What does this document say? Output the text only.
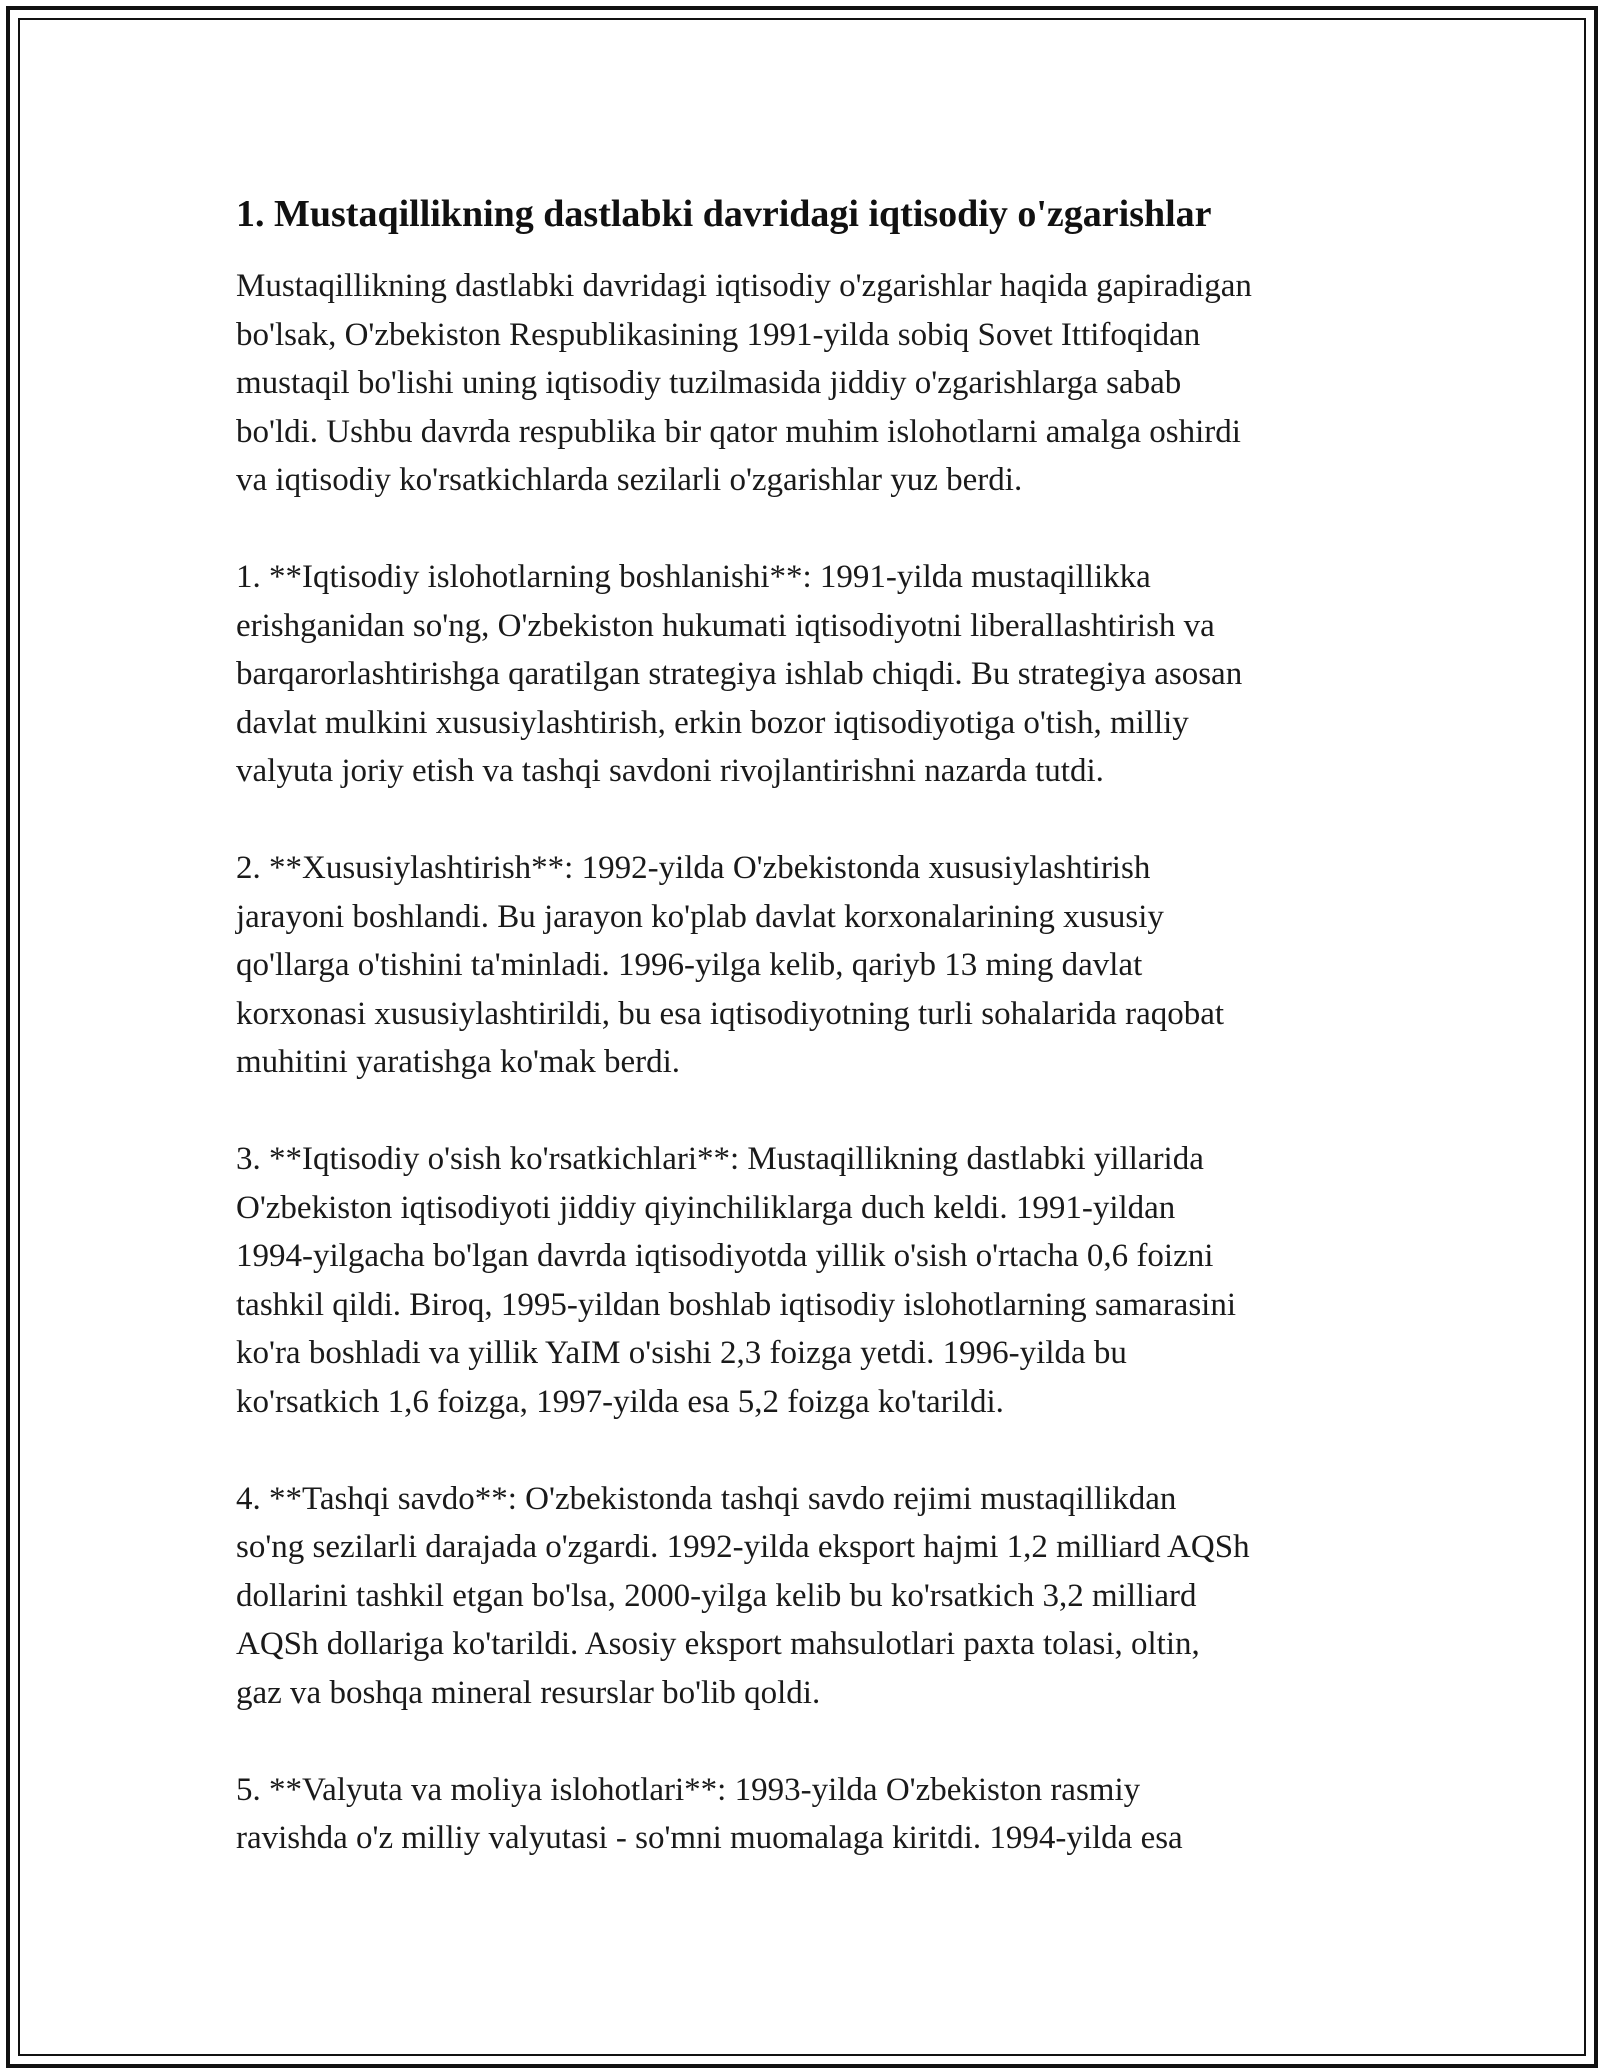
1. Mustaqillikning dastlabki davridagi iqtisodiy o'zgarishlar

Mustaqillikning dastlabki davridagi iqtisodiy o'zgarishlar haqida gapiradigan
bo'lsak, O'zbekiston Respublikasining 1991-yilda sobiq Sovet Ittifoqidan
mustaqil bo'lishi uning iqtisodiy tuzilmasida jiddiy o'zgarishlarga sabab
bo'ldi. Ushbu davrda respublika bir qator muhim islohotlarni amalga oshirdi
va iqtisodiy ko'rsatkichlarda sezilarli o'zgarishlar yuz berdi.

1. **Iqtisodiy islohotlarning boshlanishi**: 1991-yilda mustaqillikka
erishganidan so'ng, O'zbekiston hukumati iqtisodiyotni liberallashtirish va
barqarorlashtirishga qaratilgan strategiya ishlab chiqdi. Bu strategiya asosan
davlat mulkini xususiylashtirish, erkin bozor iqtisodiyotiga o'tish, milliy
valyuta joriy etish va tashqi savdoni rivojlantirishni nazarda tutdi.

2. **Xususiylashtirish**: 1992-yilda O'zbekistonda xususiylashtirish
jarayoni boshlandi. Bu jarayon ko'plab davlat korxonalarining xususiy
qo'llarga o'tishini ta'minladi. 1996-yilga kelib, qariyb 13 ming davlat
korxonasi xususiylashtirildi, bu esa iqtisodiyotning turli sohalarida raqobat
muhitini yaratishga ko'mak berdi.

3. **Iqtisodiy o'sish ko'rsatkichlari**: Mustaqillikning dastlabki yillarida
O'zbekiston iqtisodiyoti jiddiy qiyinchiliklarga duch keldi. 1991-yildan
1994-yilgacha bo'lgan davrda iqtisodiyotda yillik o'sish o'rtacha 0,6 foizni
tashkil qildi. Biroq, 1995-yildan boshlab iqtisodiy islohotlarning samarasini
ko'ra boshladi va yillik YaIM o'sishi 2,3 foizga yetdi. 1996-yilda bu
ko'rsatkich 1,6 foizga, 1997-yilda esa 5,2 foizga ko'tarildi.

4. **Tashqi savdo**: O'zbekistonda tashqi savdo rejimi mustaqillikdan
so'ng sezilarli darajada o'zgardi. 1992-yilda eksport hajmi 1,2 milliard AQSh
dollarini tashkil etgan bo'lsa, 2000-yilga kelib bu ko'rsatkich 3,2 milliard
AQSh dollariga ko'tarildi. Asosiy eksport mahsulotlari paxta tolasi, oltin,
gaz va boshqa mineral resurslar bo'lib qoldi.

5. **Valyuta va moliya islohotlari**: 1993-yilda O'zbekiston rasmiy
ravishda o'z milliy valyutasi - so'mni muomalaga kiritdi. 1994-yilda esa
